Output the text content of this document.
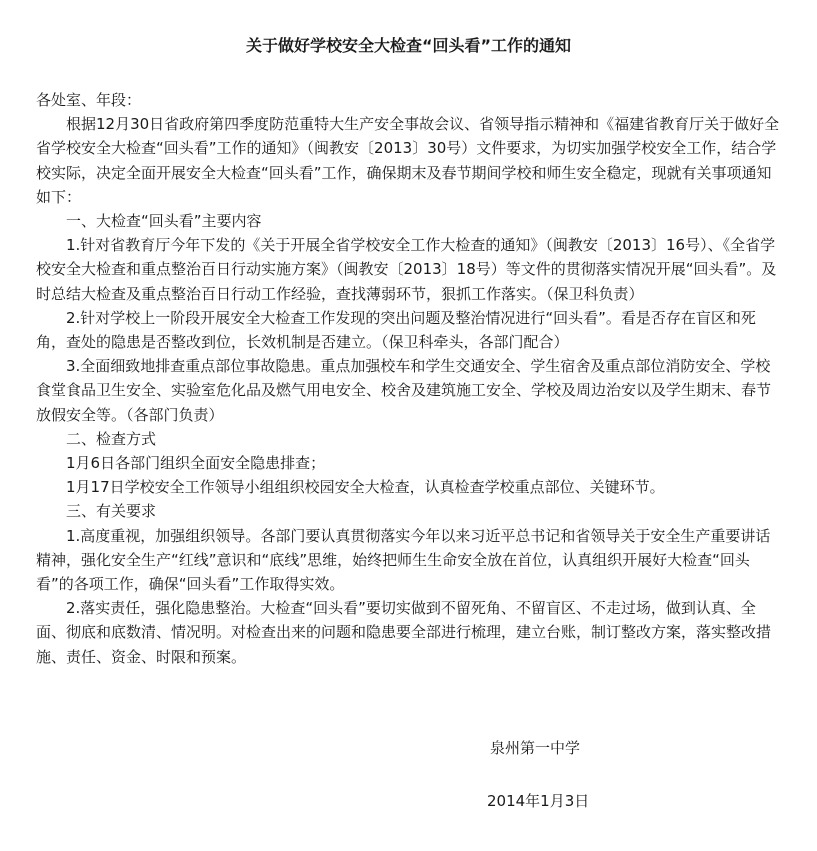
关于做好学校安全大检查“回头看”工作的通知

各处室、年段：

根据12月30日省政府第四季度防范重特大生产安全事故会议、省领导指示精神和《福建省教育厅关于做好全省学校安全大检查“回头看”工作的通知》（闽教安〔2013〕30号）文件要求，为切实加强学校安全工作，结合学校实际，决定全面开展安全大检查“回头看”工作，确保期末及春节期间学校和师生安全稳定，现就有关事项通知如下：

一、大检查“回头看”主要内容

1.针对省教育厅今年下发的《关于开展全省学校安全工作大检查的通知》（闽教安〔2013〕16号）、《全省学校安全大检查和重点整治百日行动实施方案》（闽教安〔2013〕18号）等文件的贯彻落实情况开展“回头看”。及时总结大检查及重点整治百日行动工作经验，查找薄弱环节，狠抓工作落实。（保卫科负责）

2.针对学校上一阶段开展安全大检查工作发现的突出问题及整治情况进行“回头看”。看是否存在盲区和死角，查处的隐患是否整改到位，长效机制是否建立。（保卫科牵头，各部门配合）

3.全面细致地排查重点部位事故隐患。重点加强校车和学生交通安全、学生宿舍及重点部位消防安全、学校食堂食品卫生安全、实验室危化品及燃气用电安全、校舍及建筑施工安全、学校及周边治安以及学生期末、春节放假安全等。（各部门负责）

二、检查方式

1月6日各部门组织全面安全隐患排查；

1月17日学校安全工作领导小组组织校园安全大检查，认真检查学校重点部位、关键环节。

三、有关要求

1.高度重视，加强组织领导。各部门要认真贯彻落实今年以来习近平总书记和省领导关于安全生产重要讲话精神，强化安全生产“红线”意识和“底线”思维，始终把师生生命安全放在首位，认真组织开展好大检查“回头看”的各项工作，确保“回头看”工作取得实效。

2.落实责任，强化隐患整治。大检查“回头看”要切实做到不留死角、不留盲区、不走过场，做到认真、全面、彻底和底数清、情况明。对检查出来的问题和隐患要全部进行梳理，建立台账，制订整改方案，落实整改措施、责任、资金、时限和预案。

泉州第一中学
2014年1月3日
